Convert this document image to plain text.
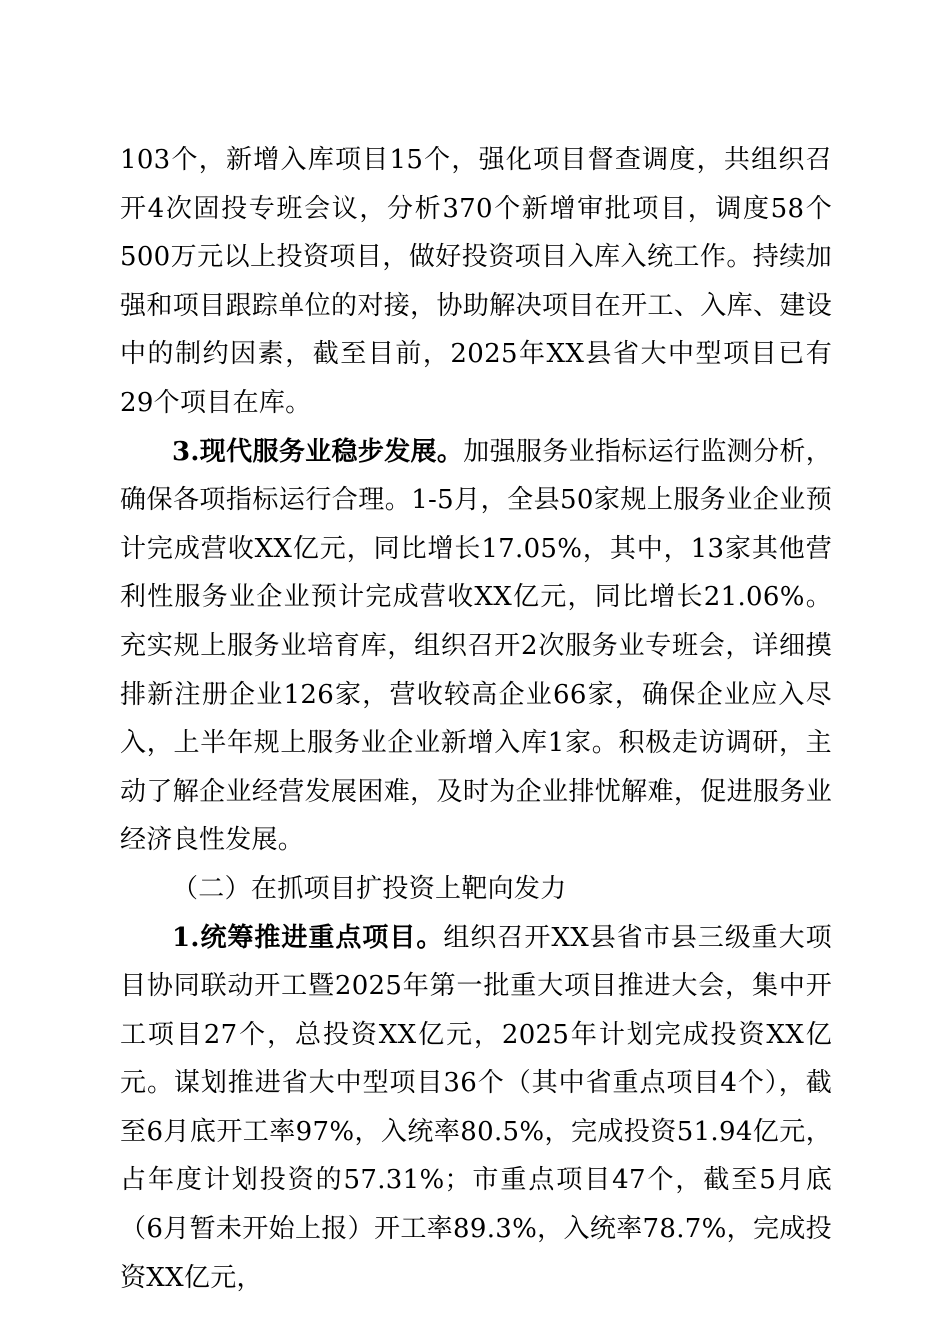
103个，新增入库项目15个，强化项目督查调度，共组织召开4次固投专班会议，分析370个新增审批项目，调度58个500万元以上投资项目，做好投资项目入库入统工作。持续加强和项目跟踪单位的对接，协助解决项目在开工、入库、建设中的制约因素，截至目前，2025年XX县省大中型项目已有29个项目在库。

3.现代服务业稳步发展。加强服务业指标运行监测分析，确保各项指标运行合理。1-5月，全县50家规上服务业企业预计完成营收XX亿元，同比增长17.05%，其中，13家其他营利性服务业企业预计完成营收XX亿元，同比增长21.06%。充实规上服务业培育库，组织召开2次服务业专班会，详细摸排新注册企业126家，营收较高企业66家，确保企业应入尽入，上半年规上服务业企业新增入库1家。积极走访调研，主动了解企业经营发展困难，及时为企业排忧解难，促进服务业经济良性发展。

（二）在抓项目扩投资上靶向发力

1.统筹推进重点项目。组织召开XX县省市县三级重大项目协同联动开工暨2025年第一批重大项目推进大会，集中开工项目27个，总投资XX亿元，2025年计划完成投资XX亿元。谋划推进省大中型项目36个（其中省重点项目4个），截至6月底开工率97%，入统率80.5%，完成投资51.94亿元，占年度计划投资的57.31%；市重点项目47个，截至5月底（6月暂未开始上报）开工率89.3%，入统率78.7%，完成投资XX亿元，
